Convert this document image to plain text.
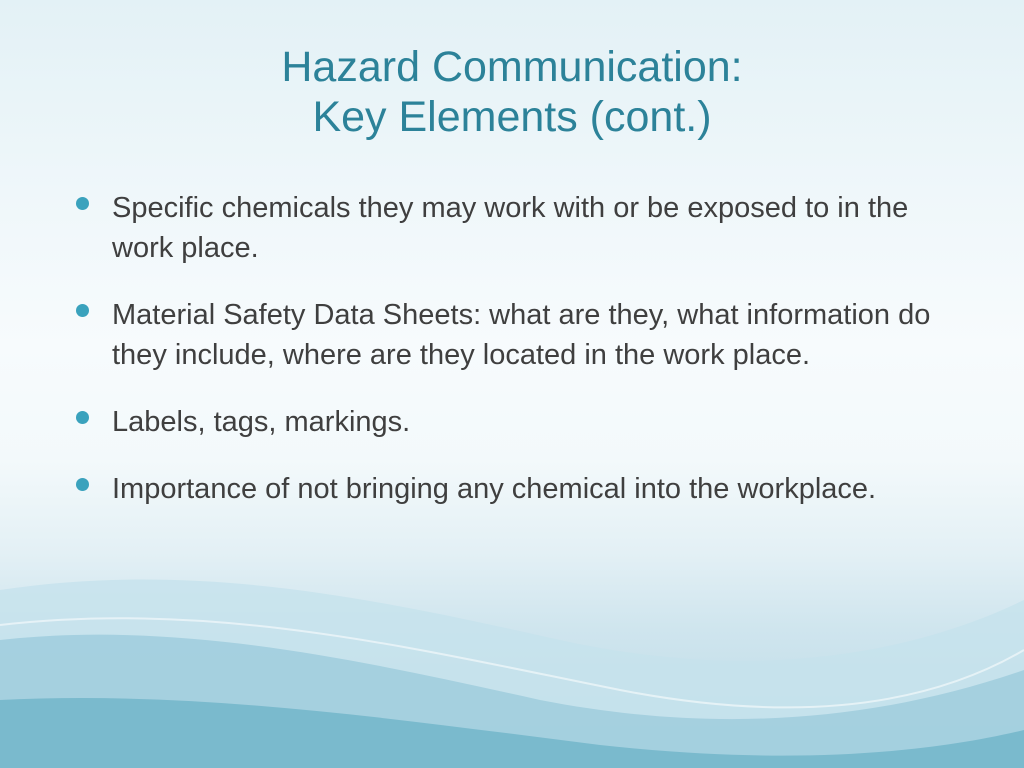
Hazard Communication:
Key Elements (cont.)
Specific chemicals they may work with or be exposed to in the work place.
Material Safety Data Sheets: what are they, what information do they include, where are they located in the work place.
Labels, tags, markings.
Importance of not bringing any chemical into the workplace.
